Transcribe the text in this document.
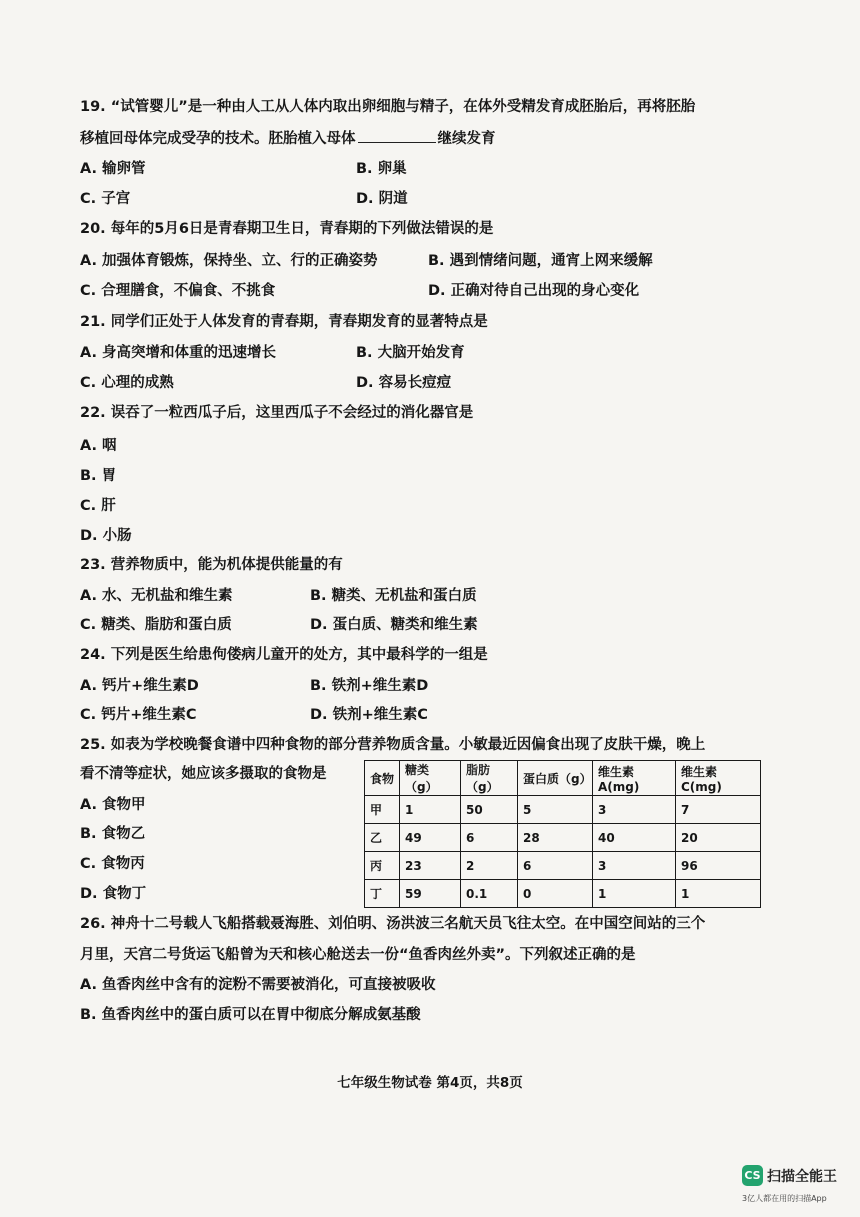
19. “试管婴儿”是一种由人工从人体内取出卵细胞与精子，在体外受精发育成胚胎后，再将胚胎
移植回母体完成受孕的技术。胚胎植入母体	继续发育
A. 输卵管	B. 卵巢
C. 子宫	D. 阴道
20. 每年的5月6日是青春期卫生日，青春期的下列做法错误的是
A. 加强体育锻炼，保持坐、立、行的正确姿势	B. 遇到情绪问题，通宵上网来缓解
C. 合理膳食，不偏食、不挑食	D. 正确对待自己出现的身心变化
21. 同学们正处于人体发育的青春期，青春期发育的显著特点是
A. 身高突增和体重的迅速增长	B. 大脑开始发育
C. 心理的成熟	D. 容易长痘痘
22. 误吞了一粒西瓜子后，这里西瓜子不会经过的消化器官是
A. 咽
B. 胃
C. 肝
D. 小肠
23. 营养物质中，能为机体提供能量的有
A. 水、无机盐和维生素	B. 糖类、无机盐和蛋白质
C. 糖类、脂肪和蛋白质	D. 蛋白质、糖类和维生素
24. 下列是医生给患佝偻病儿童开的处方，其中最科学的一组是
A. 钙片+维生素D	B. 铁剂+维生素D
C. 钙片+维生素C	D. 铁剂+维生素C
25. 如表为学校晚餐食谱中四种食物的部分营养物质含量。小敏最近因偏食出现了皮肤干燥，晚上
看不清等症状，她应该多摄取的食物是
A. 食物甲
B. 食物乙
C. 食物丙
D. 食物丁
食物	糖类（g）	脂肪（g）	蛋白质（g）	维生素A(mg)	维生素C(mg)
甲	1	50	5	3	7
乙	49	6	28	40	20
丙	23	2	6	3	96
丁	59	0.1	0	1	1
26. 神舟十二号载人飞船搭载聂海胜、刘伯明、汤洪波三名航天员飞往太空。在中国空间站的三个
月里，天宫二号货运飞船曾为天和核心舱送去一份“鱼香肉丝外卖”。下列叙述正确的是
A. 鱼香肉丝中含有的淀粉不需要被消化，可直接被吸收
B. 鱼香肉丝中的蛋白质可以在胃中彻底分解成氨基酸
七年级生物试卷 第4页，共8页
CS 扫描全能王
3亿人都在用的扫描App
